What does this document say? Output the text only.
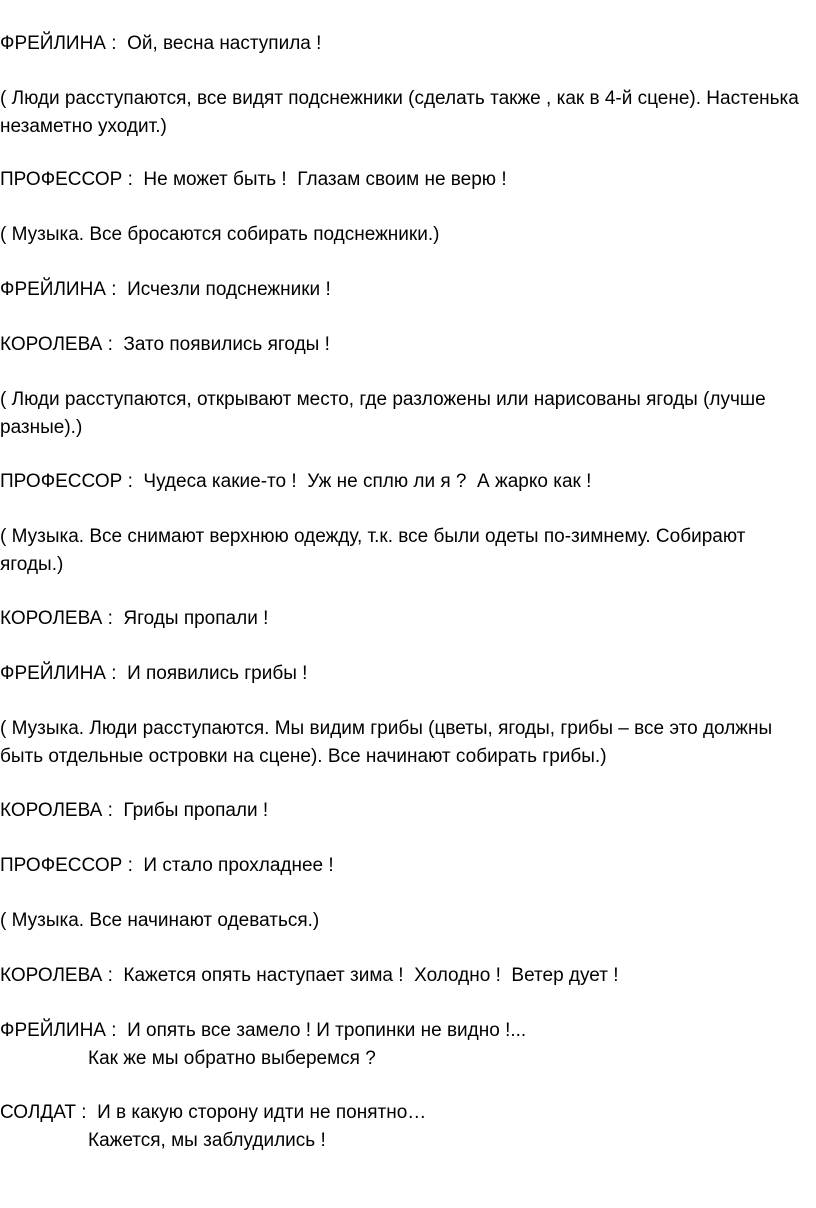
ФРЕЙЛИНА :  Ой, весна наступила !

( Люди расступаются, все видят подснежники (сделать также , как в 4-й сцене). Настенька
незаметно уходит.)

ПРОФЕССОР :  Не может быть !  Глазам своим не верю !

( Музыка. Все бросаются собирать подснежники.)

ФРЕЙЛИНА :  Исчезли подснежники !

КОРОЛЕВА :  Зато появились ягоды !

( Люди расступаются, открывают место, где разложены или нарисованы ягоды (лучше
разные).)

ПРОФЕССОР :  Чудеса какие-то !  Уж не сплю ли я ?  А жарко как !

( Музыка. Все снимают верхнюю одежду, т.к. все были одеты по-зимнему. Собирают
ягоды.)

КОРОЛЕВА :  Ягоды пропали !

ФРЕЙЛИНА :  И появились грибы !

( Музыка. Люди расступаются. Мы видим грибы (цветы, ягоды, грибы – все это должны
быть отдельные островки на сцене). Все начинают собирать грибы.)

КОРОЛЕВА :  Грибы пропали !

ПРОФЕССОР :  И стало прохладнее !

( Музыка. Все начинают одеваться.)

КОРОЛЕВА :  Кажется опять наступает зима !  Холодно !  Ветер дует !

ФРЕЙЛИНА :  И опять все замело ! И тропинки не видно !...
Как же мы обратно выберемся ?

СОЛДАТ :  И в какую сторону идти не понятно…
Кажется, мы заблудились !
